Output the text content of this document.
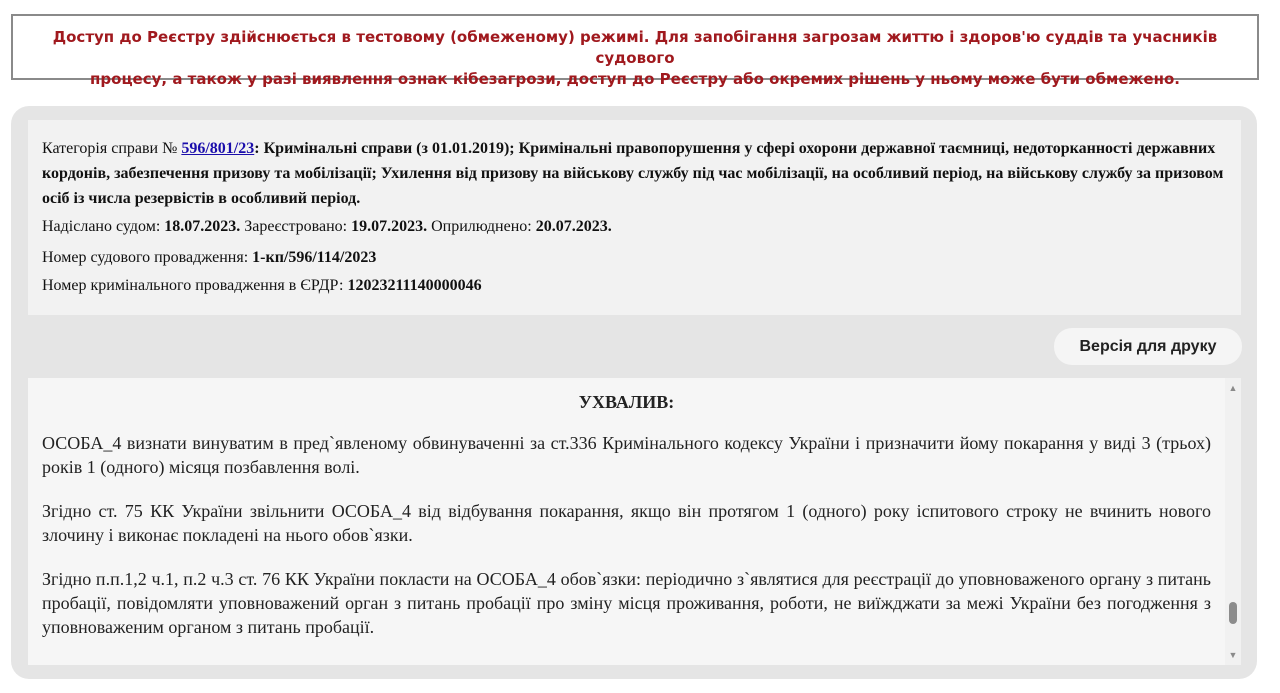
Доступ до Реєстру здійснюється в тестовому (обмеженому) режимі. Для запобігання загрозам життю і здоров'ю суддів та учасників судового
процесу, а також у разі виявлення ознак кібезагрози, доступ до Реєстру або окремих рішень у ньому може бути обмежено.

Категорія справи № 596/801/23: Кримінальні справи (з 01.01.2019); Кримінальні правопорушення у сфері охорони державної таємниці, недоторканності державних кордонів, забезпечення призову та мобілізації; Ухилення від призову на військову службу під час мобілізації, на особливий період, на військову службу за призовом осіб із числа резервістів в особливий період.

Надіслано судом: 18.07.2023. Зареєстровано: 19.07.2023. Оприлюднено: 20.07.2023.

Номер судового провадження: 1-кп/596/114/2023

Номер кримінального провадження в ЄРДР: 12023211140000046

Версія для друку
УХВАЛИВ:

ОСОБА_4 визнати винуватим в пред`явленому обвинуваченні за ст.336 Кримінального кодексу України і призначити йому покарання у виді 3 (трьох) років 1 (одного) місяця позбавлення волі.

Згідно ст. 75 КК України звільнити ОСОБА_4 від відбування покарання, якщо він протягом 1 (одного) року іспитового строку не вчинить нового злочину і виконає покладені на нього обов`язки.

Згідно п.п.1,2 ч.1, п.2 ч.3 ст. 76 КК України покласти на ОСОБА_4 обов`язки: періодично з`являтися для реєстрації до уповноваженого органу з питань пробації, повідомляти уповноважений орган з питань пробації про зміну місця проживання, роботи, не виїжджати за межі України без погодження з уповноваженим органом з питань пробації.

▲
▼
